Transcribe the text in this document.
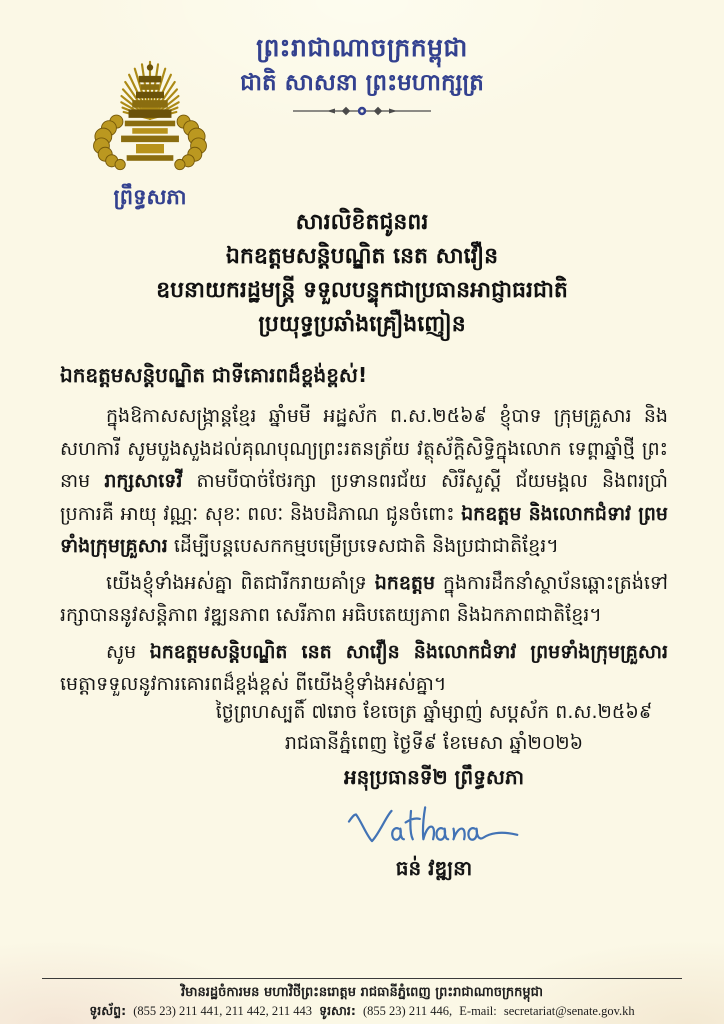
ព្រះរាជាណាចក្រកម្ពុជា
ជាតិ សាសនា ព្រះមហាក្សត្រ
ព្រឹទ្ធសភា
សារលិខិតជូនពរ
ឯកឧត្តមសន្តិបណ្ឌិត នេត សាវឿន
ឧបនាយករដ្ឋមន្ត្រី ទទួលបន្ទុកជាប្រធានអាជ្ញាធរជាតិ
ប្រយុទ្ធប្រឆាំងគ្រឿងញៀន

ឯកឧត្តមសន្តិបណ្ឌិត ជាទីគោរពដ៏ខ្ពង់ខ្ពស់!

ក្នុងឱកាសសង្ក្រាន្តខ្មែរ ឆ្នាំមមី អដ្ឋស័ក ព.ស.២៥៦៩ ខ្ញុំបាទ ក្រុមគ្រួសារ និងសហការី សូមបួងសួងដល់គុណបុណ្យព្រះរតនត្រ័យ វត្ថុស័ក្តិសិទ្ធិក្នុងលោក ទេព្តាឆ្នាំថ្មី ព្រះនាម រាក្សសាទេវី តាមបីបាច់ថែរក្សា ប្រទានពរជ័យ សិរីសួស្តី ជ័យមង្គល និងពរប្រាំប្រការគឺ អាយុ វណ្ណៈ សុខៈ ពលៈ និងបដិភាណ ជូនចំពោះ ឯកឧត្តម និងលោកជំទាវ ព្រមទាំងក្រុមគ្រួសារ ដើម្បីបន្តបេសកកម្មបម្រើប្រទេសជាតិ និងប្រជាជាតិខ្មែរ។

យើងខ្ញុំទាំងអស់គ្នា ពិតជារីករាយគាំទ្រ ឯកឧត្តម ក្នុងការដឹកនាំស្ថាប័នឆ្ពោះត្រង់ទៅរក្សាបាននូវសន្តិភាព វឌ្ឍនភាព សេរីភាព អធិបតេយ្យភាព និងឯកភាពជាតិខ្មែរ។

សូម ឯកឧត្តមសន្តិបណ្ឌិត នេត សាវឿន និងលោកជំទាវ ព្រមទាំងក្រុមគ្រួសារ មេត្តាទទួលនូវការគោរពដ៏ខ្ពង់ខ្ពស់ ពីយើងខ្ញុំទាំងអស់គ្នា។

ថ្ងៃព្រហស្បតិ៍ ៧រោច ខែចេត្រ ឆ្នាំម្សាញ់ សប្តស័ក ព.ស.២៥៦៩
រាជធានីភ្នំពេញ ថ្ងៃទី៩ ខែមេសា ឆ្នាំ២០២៦
អនុប្រធានទី២ ព្រឹទ្ធសភា
ធន់ វឌ្ឍនា
វិមានរដ្ឋចំការមន មហាវិថីព្រះនរោត្តម រាជធានីភ្នំពេញ ព្រះរាជាណាចក្រកម្ពុជា
ទូរស័ព្ទ: (855 23) 211 441, 211 442, 211 443 ទូរសារ: (855 23) 211 446, E-mail: secretariat@senate.gov.kh
